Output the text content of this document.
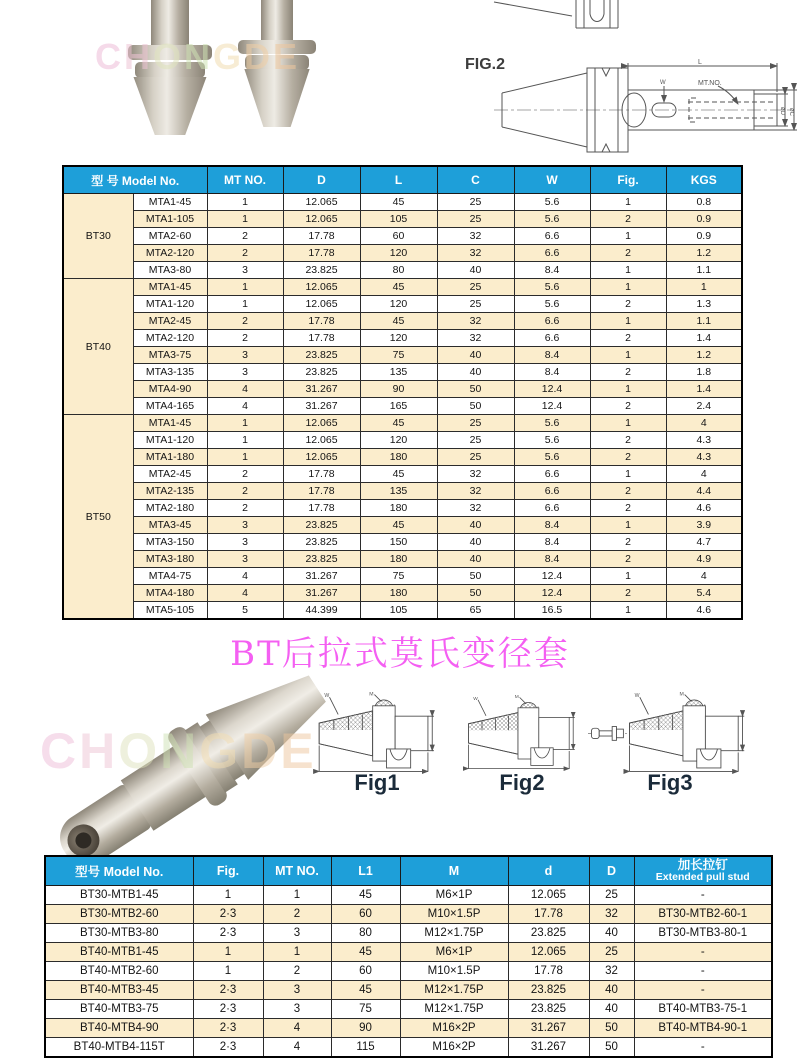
CHONGDE	FIG.2	L
MT.NO.
W
øD øC
型 号 Model No.		MT NO.	D	L	C	W	Fig.	KGS
BT30	MTA1-45	1	12.065	45	25	5.6	1	0.8
	MTA1-105	1	12.065	105	25	5.6	2	0.9
	MTA2-60	2	17.78	60	32	6.6	1	0.9
	MTA2-120	2	17.78	120	32	6.6	2	1.2
	MTA3-80	3	23.825	80	40	8.4	1	1.1
BT40	MTA1-45	1	12.065	45	25	5.6	1	1
	MTA1-120	1	12.065	120	25	5.6	2	1.3
	MTA2-45	2	17.78	45	32	6.6	1	1.1
	MTA2-120	2	17.78	120	32	6.6	2	1.4
	MTA3-75	3	23.825	75	40	8.4	1	1.2
	MTA3-135	3	23.825	135	40	8.4	2	1.8
	MTA4-90	4	31.267	90	50	12.4	1	1.4
	MTA4-165	4	31.267	165	50	12.4	2	2.4
BT50	MTA1-45	1	12.065	45	25	5.6	1	4
	MTA1-120	1	12.065	120	25	5.6	2	4.3
	MTA1-180	1	12.065	180	25	5.6	2	4.3
	MTA2-45	2	17.78	45	32	6.6	1	4
	MTA2-135	2	17.78	135	32	6.6	2	4.4
	MTA2-180	2	17.78	180	32	6.6	2	4.6
	MTA3-45	3	23.825	45	40	8.4	1	3.9
	MTA3-150	3	23.825	150	40	8.4	2	4.7
	MTA3-180	3	23.825	180	40	8.4	2	4.9
	MTA4-75	4	31.267	75	50	12.4	1	4
	MTA4-180	4	31.267	180	50	12.4	2	5.4
	MTA5-105	5	44.399	105	65	16.5	1	4.6
BT后拉式莫氏变径套
CHONGDE
Fig1	Fig2	Fig3
型号 Model No.	Fig.	MT NO.	L1	M	d	D	加长拉钉
Extended pull stud

BT30-MTB1-45	1	1	45	M6×1P	12.065	25	-
BT30-MTB2-60	2·3	2	60	M10×1.5P	17.78	32	BT30-MTB2-60-1
BT30-MTB3-80	2·3	3	80	M12×1.75P	23.825	40	BT30-MTB3-80-1
BT40-MTB1-45	1	1	45	M6×1P	12.065	25	-
BT40-MTB2-60	1	2	60	M10×1.5P	17.78	32	-
BT40-MTB3-45	2·3	3	45	M12×1.75P	23.825	40	-
BT40-MTB3-75	2·3	3	75	M12×1.75P	23.825	40	BT40-MTB3-75-1
BT40-MTB4-90	2·3	4	90	M16×2P	31.267	50	BT40-MTB4-90-1
BT40-MTB4-115T	2·3	4	115	M16×2P	31.267	50	-
